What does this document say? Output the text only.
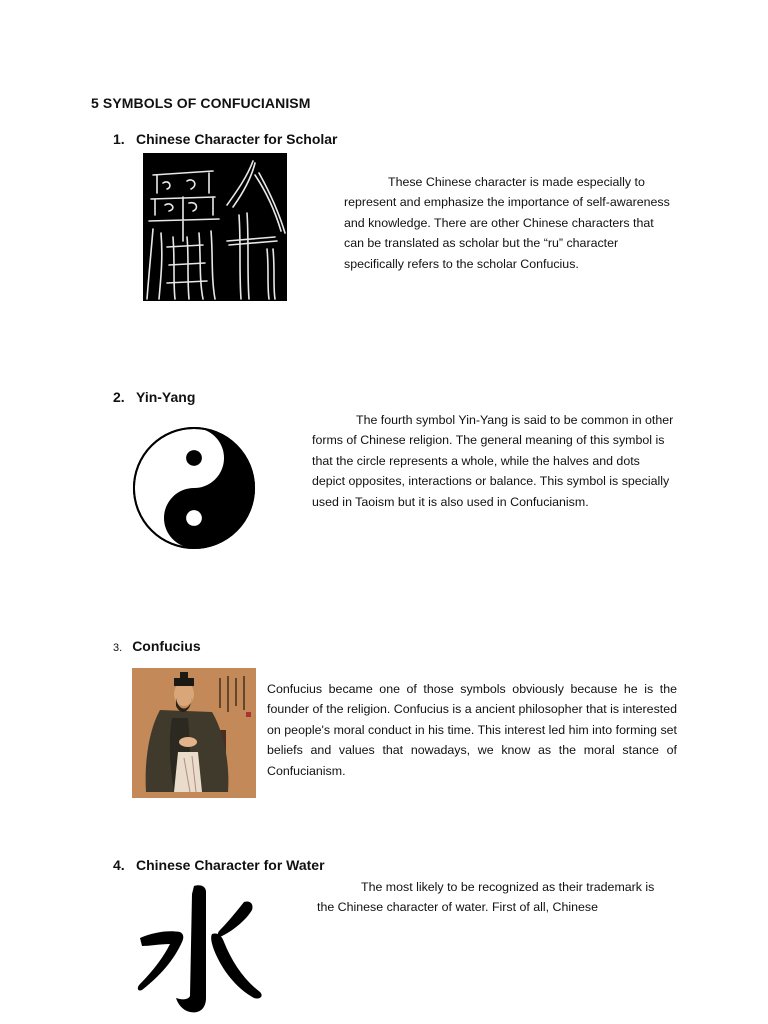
5 SYMBOLS OF CONFUCIANISM
1. Chinese Character for Scholar

These Chinese character is made especially to represent and emphasize the importance of self-awareness and knowledge. There are other Chinese characters that can be translated as scholar but the “ru” character specifically refers to the scholar Confucius.

2. Yin-Yang

The fourth symbol Yin-Yang is said to be common in other forms of Chinese religion. The general meaning of this symbol is that the circle represents a whole, while the halves and dots depict opposites, interactions or balance. This symbol is specially used in Taoism but it is also used in Confucianism.

3. Confucius

Confucius became one of those symbols obviously because he is the founder of the religion. Confucius is a ancient philosopher that is interested on people's moral conduct in his time. This interest led him into forming set beliefs and values that nowadays, we know as the moral stance of Confucianism.

4. Chinese Character for Water

The most likely to be recognized as their trademark is the Chinese character of water. First of all, Chinese
